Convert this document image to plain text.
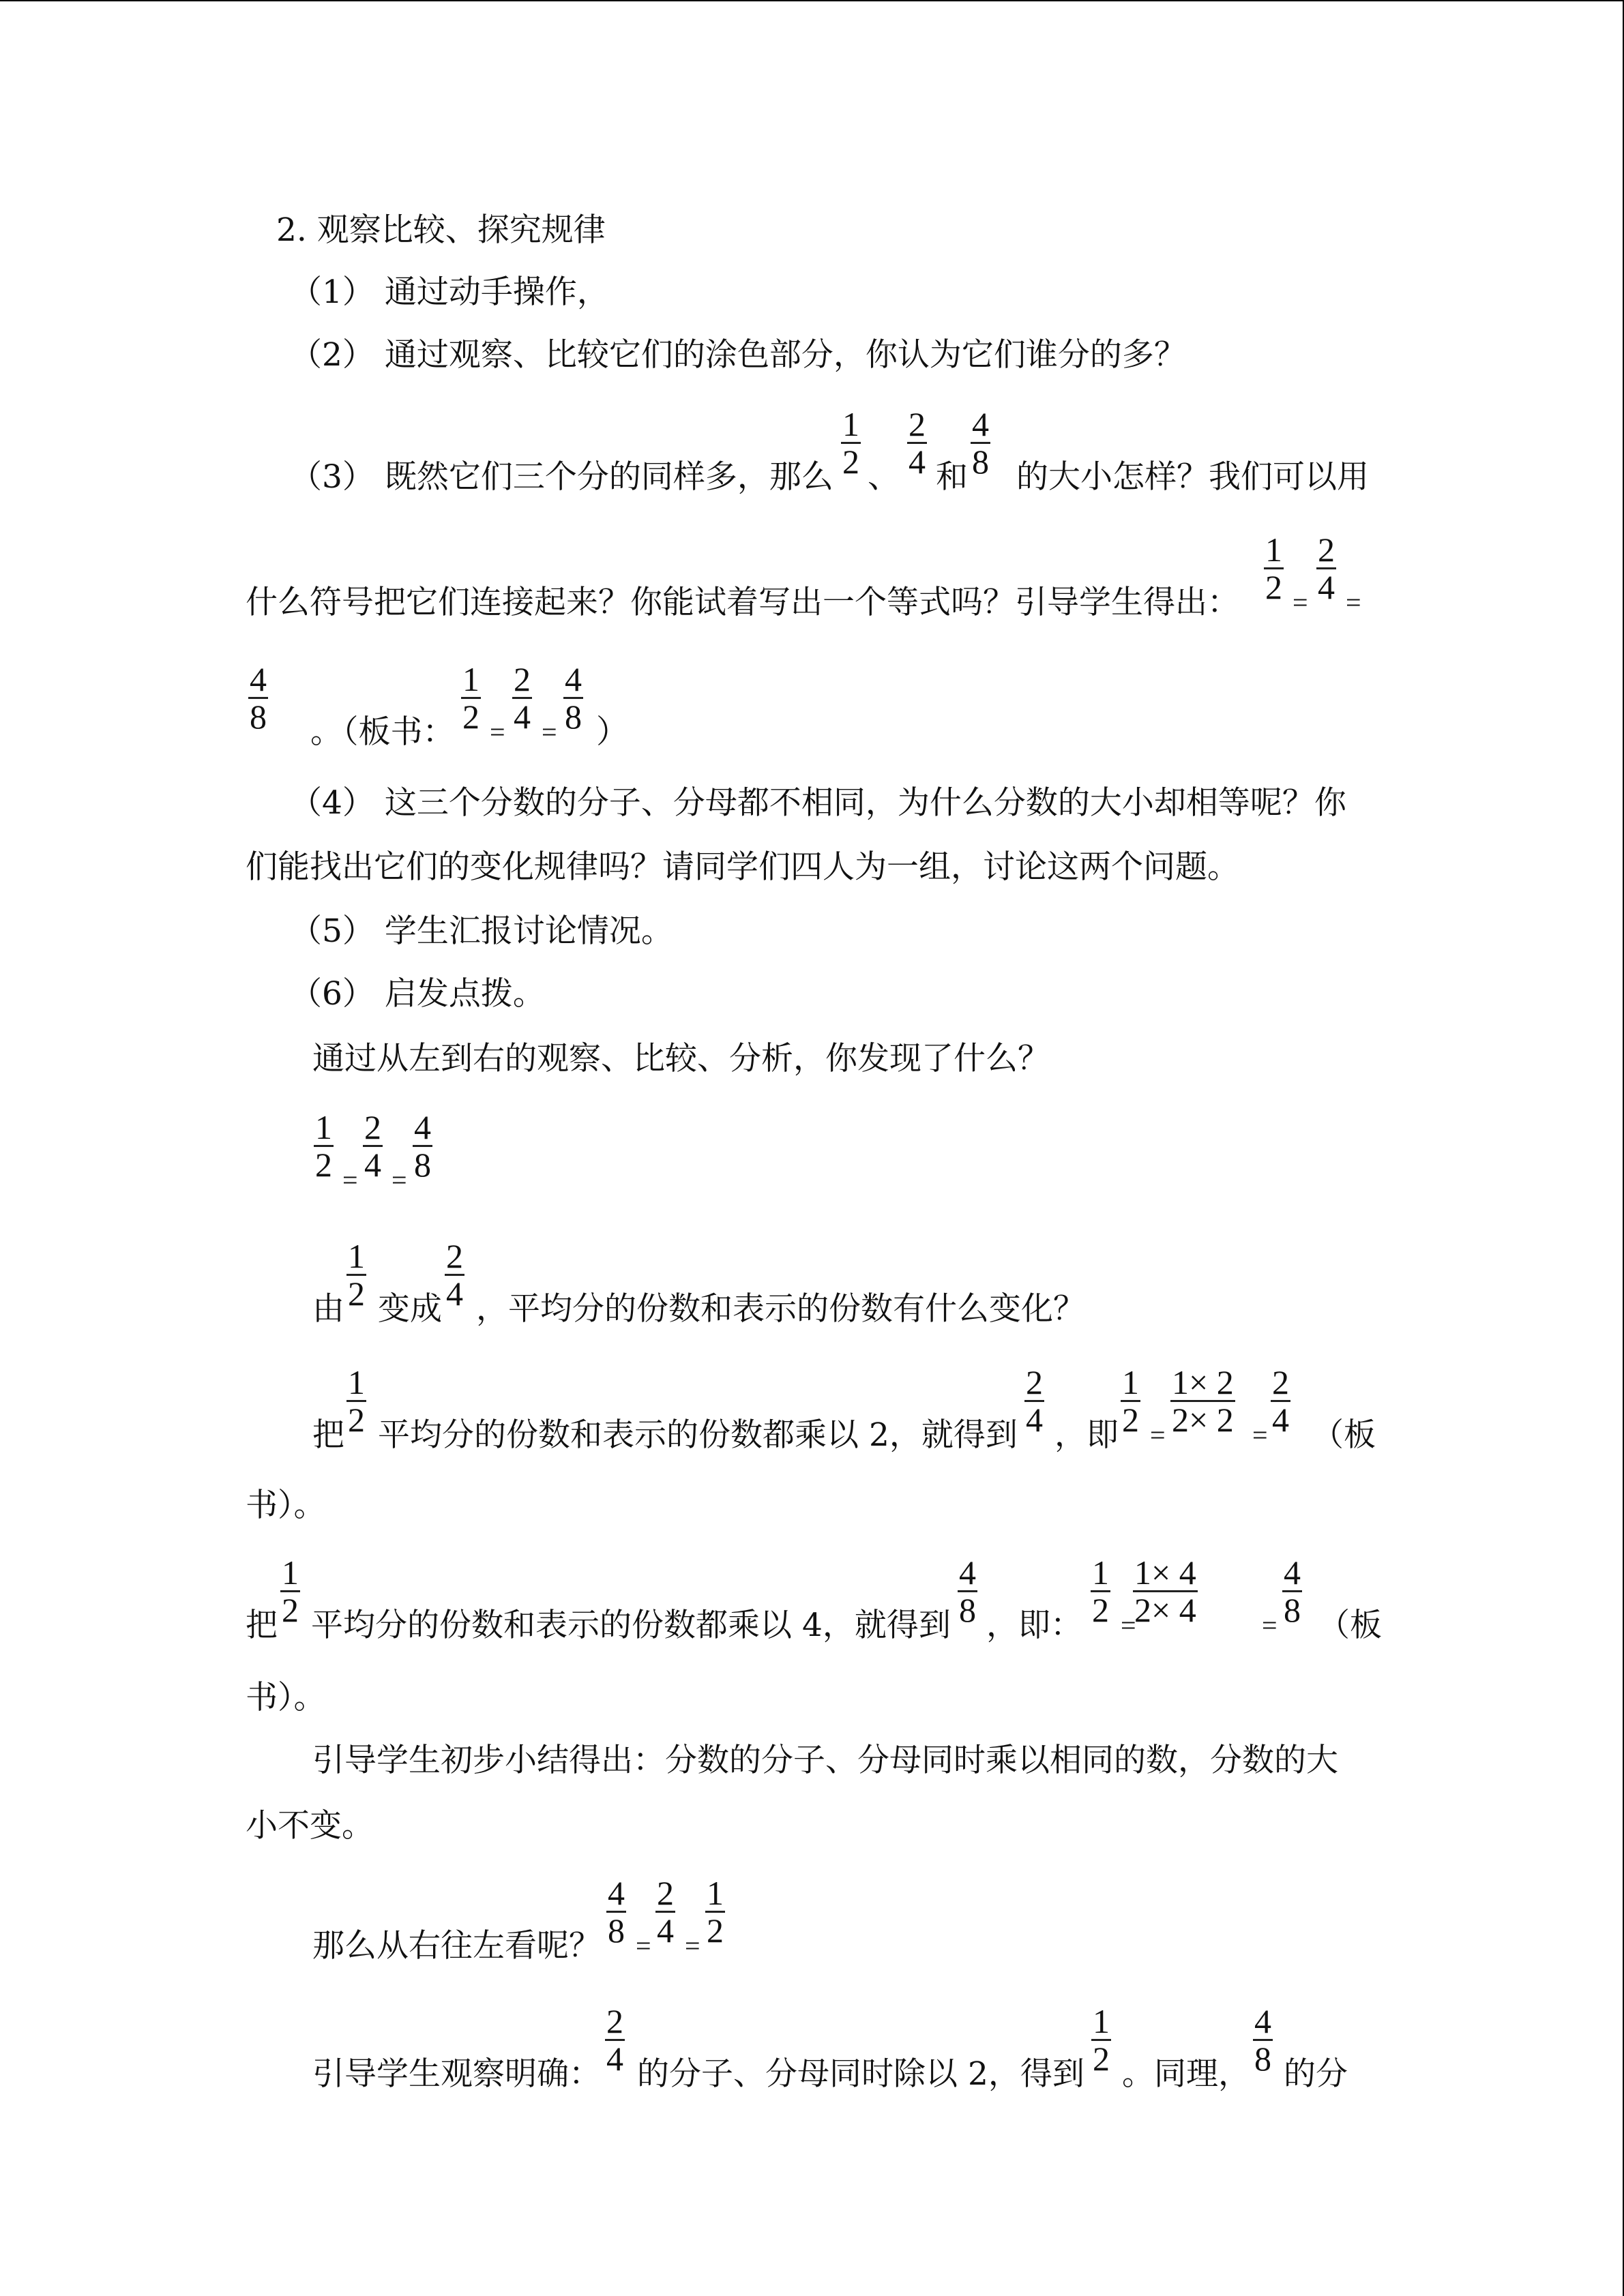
2. 观察比较、探究规律
（1） 通过动手操作，
（2） 通过观察、比较它们的涂色部分，你认为它们谁分的多？
（3） 既然它们三个分的同样多，那么
1
2 、
2
4 和
4
8 的大小怎样？我们可以用
什么符号把它们连接起来？你能试着写出一个等式吗？引导学生得出：
1
2 =
2
4 =
4
8 。（板书：
1
2 =
2
4 =
4
8 ）
（4） 这三个分数的分子、分母都不相同，为什么分数的大小却相等呢？你
们能找出它们的变化规律吗？请同学们四人为一组，讨论这两个问题。
（5） 学生汇报讨论情况。
（6） 启发点拨。
通过从左到右的观察、比较、分析，你发现了什么？
1
2 =
2
4 =
4
8
由
1
2 变成
2
4 ，平均分的份数和表示的份数有什么变化？
把
1
2 平均分的份数和表示的份数都乘以 2，就得到
2
4 ，即
1
2 =
1× 2
2× 2 =
2
4 （板
书）。
把
1
2 平均分的份数和表示的份数都乘以 4，就得到
4
8 ，即：
1
2 =
1× 4
2× 4 =
4
8 （板
书）。
引导学生初步小结得出：分数的分子、分母同时乘以相同的数，分数的大
小不变。
那么从右往左看呢？
4
8 =
2
4 =
1
2
引导学生观察明确：
2
4 的分子、分母同时除以 2，得到
1
2 。同理，
4
8 的分
